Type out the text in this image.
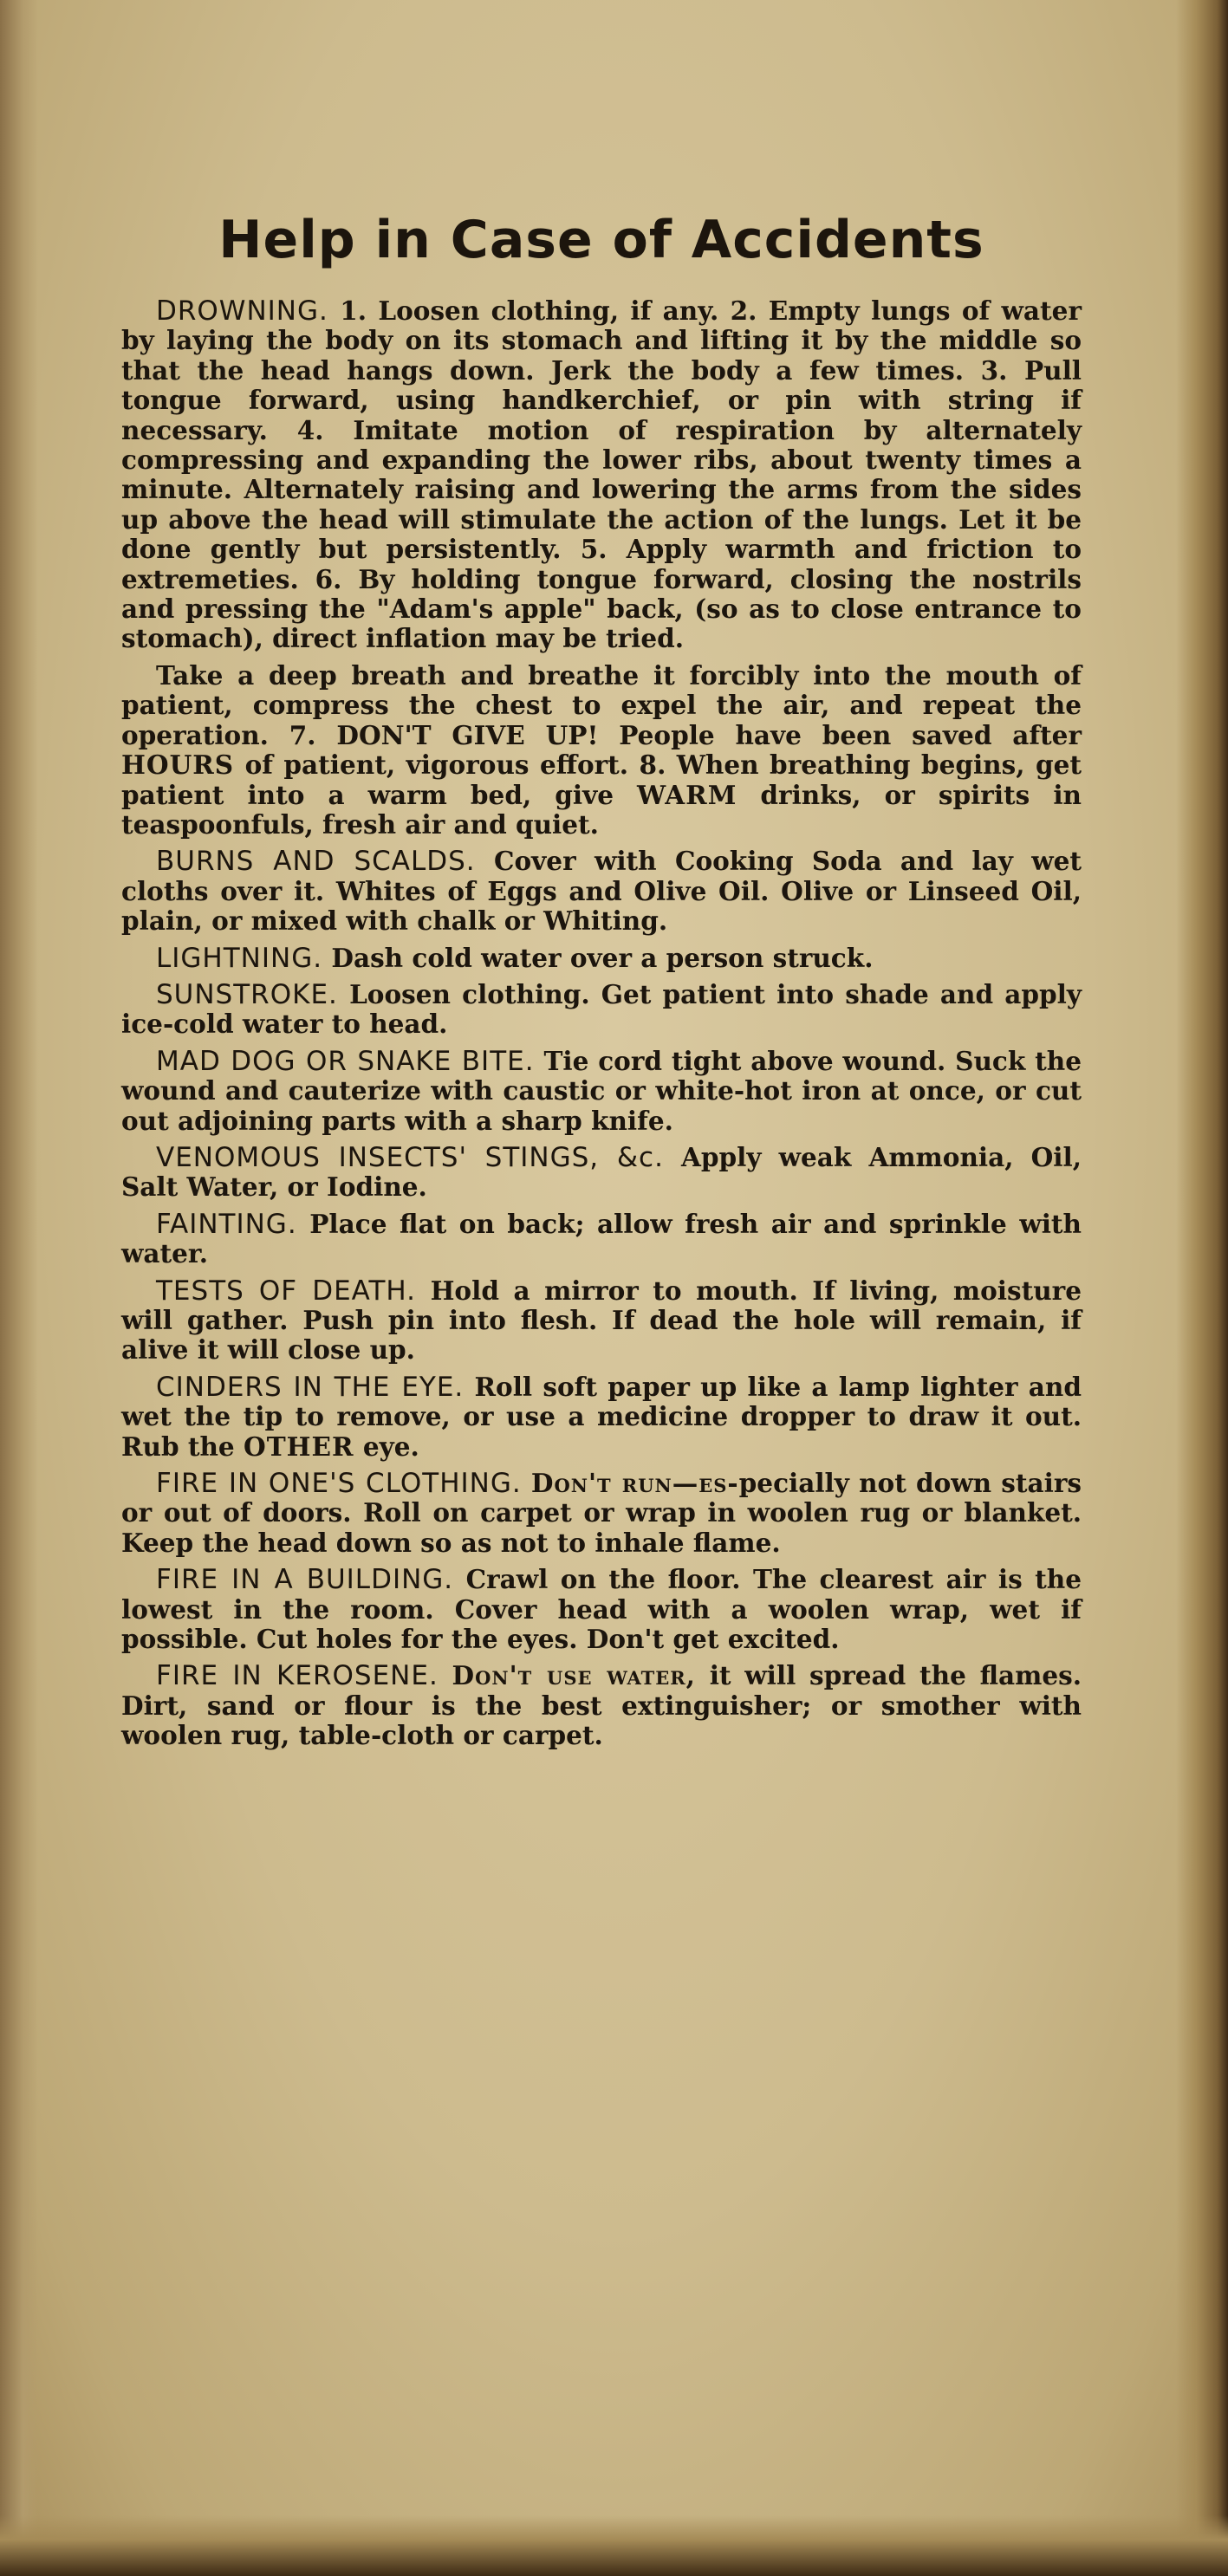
Help in Case of Accidents

DROWNING. 1. Loosen clothing, if any. 2. Empty lungs of water by laying the body on its stomach and lifting it by the middle so that the head hangs down. Jerk the body a few times. 3. Pull tongue forward, using handkerchief, or pin with string if necessary. 4. Imitate motion of respiration by alternately compressing and expanding the lower ribs, about twenty times a minute. Alternately raising and lowering the arms from the sides up above the head will stimulate the action of the lungs. Let it be done gently but persistently. 5. Apply warmth and friction to extremeties. 6. By holding tongue forward, closing the nostrils and pressing the "Adam's apple" back, (so as to close entrance to stomach), direct inflation may be tried.

Take a deep breath and breathe it forcibly into the mouth of patient, compress the chest to expel the air, and repeat the operation. 7. DON'T GIVE UP! People have been saved after HOURS of patient, vigorous effort. 8. When breathing begins, get patient into a warm bed, give WARM drinks, or spirits in teaspoonfuls, fresh air and quiet.

BURNS AND SCALDS. Cover with Cooking Soda and lay wet cloths over it. Whites of Eggs and Olive Oil. Olive or Linseed Oil, plain, or mixed with chalk or Whiting.

LIGHTNING. Dash cold water over a person struck.

SUNSTROKE. Loosen clothing. Get patient into shade and apply ice-cold water to head.

MAD DOG OR SNAKE BITE. Tie cord tight above wound. Suck the wound and cauterize with caustic or white-hot iron at once, or cut out adjoining parts with a sharp knife.

VENOMOUS INSECTS' STINGS, &c. Apply weak Ammonia, Oil, Salt Water, or Iodine.

FAINTING. Place flat on back; allow fresh air and sprinkle with water.

TESTS OF DEATH. Hold a mirror to mouth. If living, moisture will gather. Push pin into flesh. If dead the hole will remain, if alive it will close up.

CINDERS IN THE EYE. Roll soft paper up like a lamp lighter and wet the tip to remove, or use a medicine dropper to draw it out. Rub the OTHER eye.

FIRE IN ONE'S CLOTHING. Don't run—es-pecially not down stairs or out of doors. Roll on carpet or wrap in woolen rug or blanket. Keep the head down so as not to inhale flame.

FIRE IN A BUILDING. Crawl on the floor. The clearest air is the lowest in the room. Cover head with a woolen wrap, wet if possible. Cut holes for the eyes. Don't get excited.

FIRE IN KEROSENE. Don't use water, it will spread the flames. Dirt, sand or flour is the best extinguisher; or smother with woolen rug, table-cloth or carpet.
